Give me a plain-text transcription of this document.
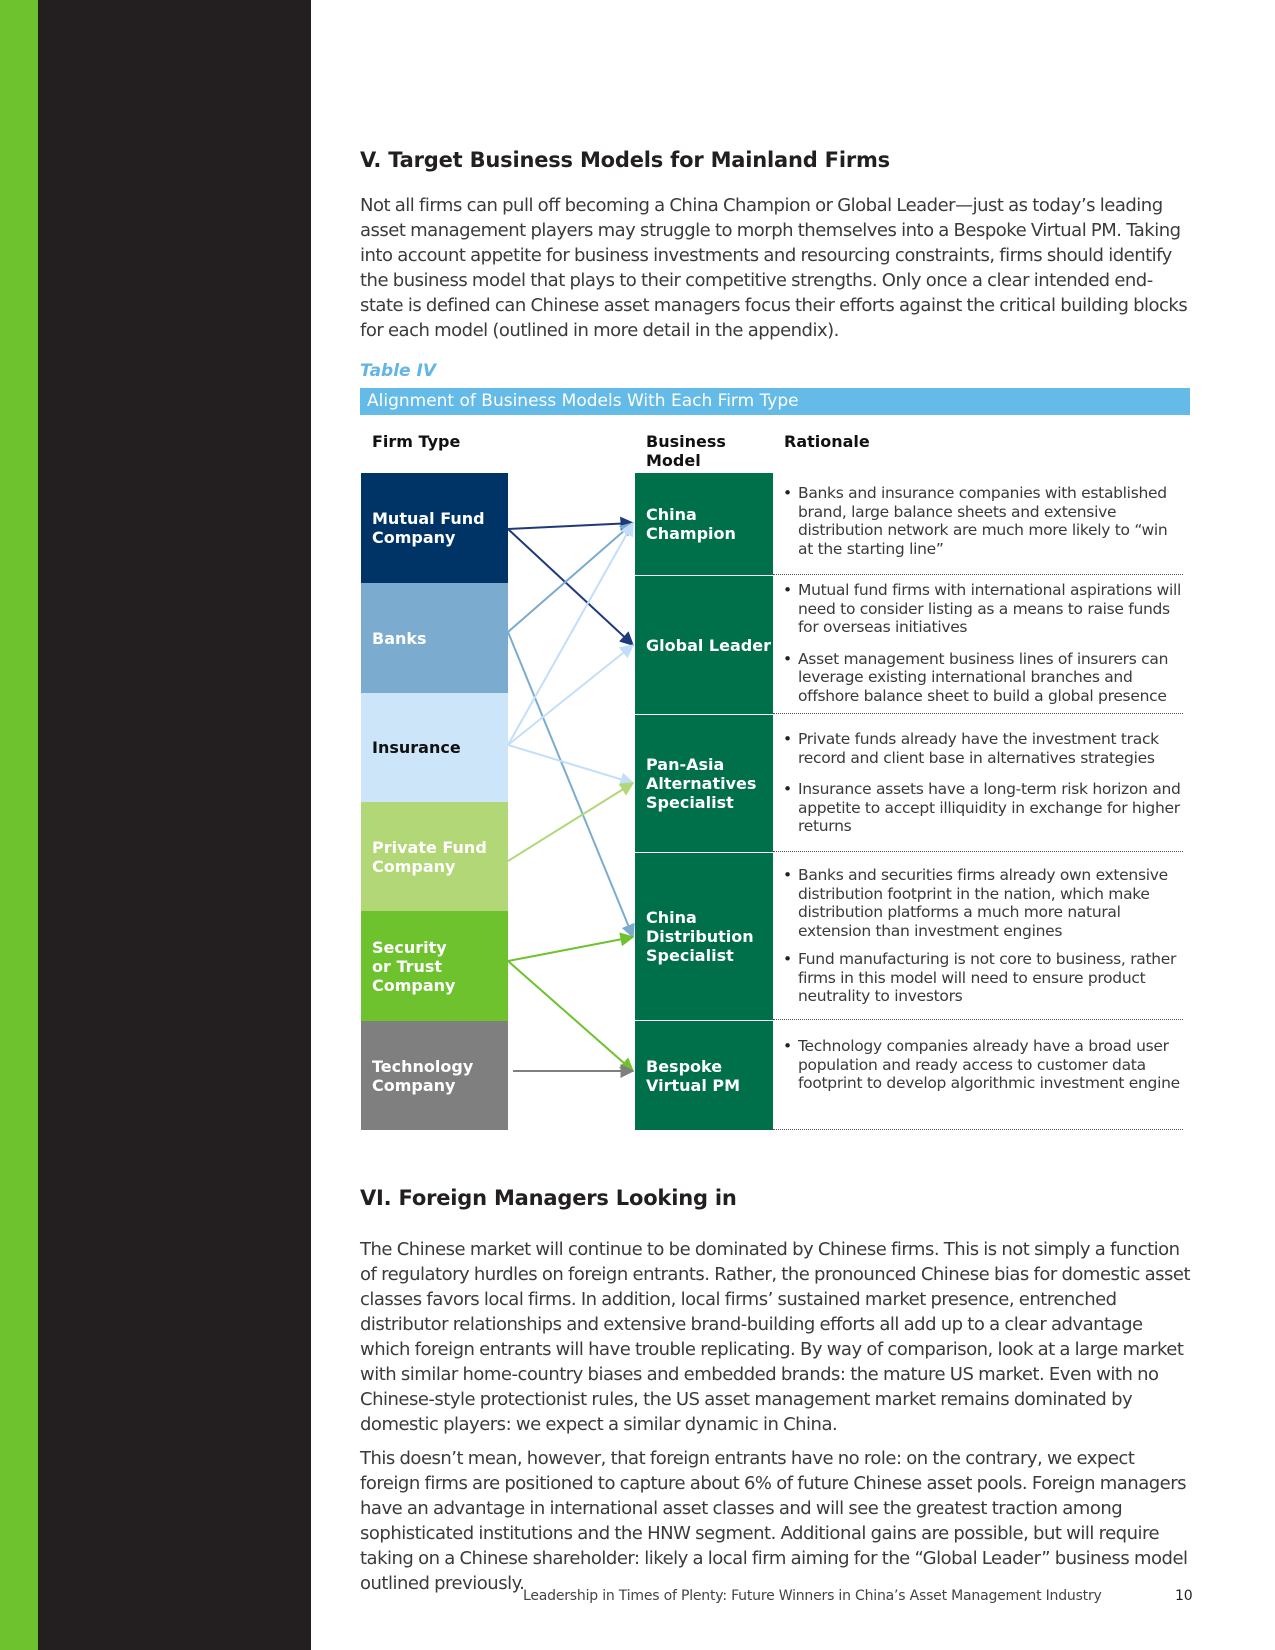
V. Target Business Models for Mainland Firms

Not all firms can pull off becoming a China Champion or Global Leader—just as today’s leading asset management players may struggle to morph themselves into a Bespoke Virtual PM. Taking into account appetite for business investments and resourcing constraints, firms should identify the business model that plays to their competitive strengths. Only once a clear intended end-state is defined can Chinese asset managers focus their efforts against the critical building blocks for each model (outlined in more detail in the appendix).

Table IV
Alignment of Business Models With Each Firm Type
Firm Type	Business Model
Rationale
Mutual Fund Company
Banks
Insurance
Private Fund Company
Security or Trust Company
Technology Company
China Champion
Global Leader
Pan-Asia Alternatives Specialist
China Distribution Specialist
Bespoke Virtual PM
• Banks and insurance companies with established brand, large balance sheets and extensive distribution network are much more likely to “win at the starting line”
• Mutual fund firms with international aspirations will need to consider listing as a means to raise funds for overseas initiatives
• Asset management business lines of insurers can leverage existing international branches and offshore balance sheet to build a global presence
• Private funds already have the investment track record and client base in alternatives strategies
• Insurance assets have a long-term risk horizon and appetite to accept illiquidity in exchange for higher returns
• Banks and securities firms already own extensive distribution footprint in the nation, which make distribution platforms a much more natural extension than investment engines
• Fund manufacturing is not core to business, rather firms in this model will need to ensure product neutrality to investors
• Technology companies already have a broad user population and ready access to customer data footprint to develop algorithmic investment engine
VI. Foreign Managers Looking in

The Chinese market will continue to be dominated by Chinese firms. This is not simply a function of regulatory hurdles on foreign entrants. Rather, the pronounced Chinese bias for domestic asset classes favors local firms. In addition, local firms’ sustained market presence, entrenched distributor relationships and extensive brand-building efforts all add up to a clear advantage which foreign entrants will have trouble replicating. By way of comparison, look at a large market with similar home-country biases and embedded brands: the mature US market. Even with no Chinese-style protectionist rules, the US asset management market remains dominated by domestic players: we expect a similar dynamic in China.

This doesn’t mean, however, that foreign entrants have no role: on the contrary, we expect foreign firms are positioned to capture about 6% of future Chinese asset pools. Foreign managers have an advantage in international asset classes and will see the greatest traction among sophisticated institutions and the HNW segment. Additional gains are possible, but will require taking on a Chinese shareholder: likely a local firm aiming for the “Global Leader” business model outlined previously.

Leadership in Times of Plenty: Future Winners in China’s Asset Management Industry	10
